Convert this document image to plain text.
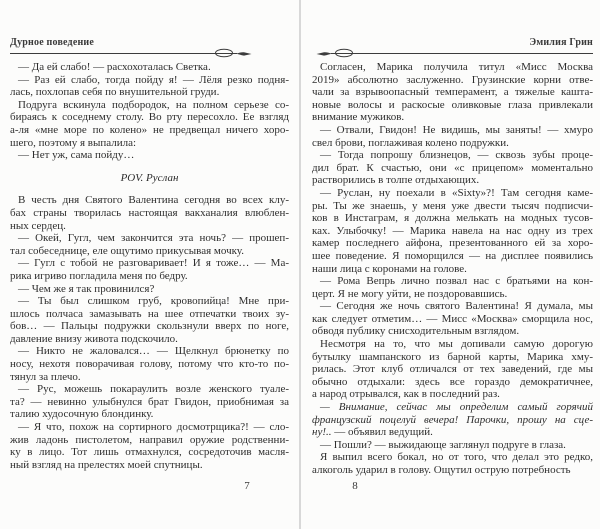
Дурное поведение
— Да ей слабо! — расхохоталась Светка.
— Раз ей слабо, тогда пойду я! — Лёля резко подня-
лась, похлопав себя по внушительной груди.
Подруга вскинула подбородок, на полном серьезе со-
бираясь к соседнему столу. Во рту пересохло. Ее взгляд
а-ля «мне море по колено» не предвещал ничего хоро-
шего, поэтому я выпалила:
— Нет уж, сама пойду…
POV. Руслан
В честь дня Святого Валентина сегодня во всех клу-
бах страны творилась настоящая вакханалия влюблен-
ных сердец.
— Окей, Гугл, чем закончится эта ночь? — прошеп-
тал собеседнице, еле ощутимо прикусывая мочку.
— Гугл с тобой не разговаривает! И я тоже… — Ма-
рика игриво погладила меня по бедру.
— Чем же я так провинился?
— Ты был слишком груб, кровопийца! Мне при-
шлось полчаса замазывать на шее отпечатки твоих зу-
бов… — Пальцы подружки скользнули вверх по ноге,
давление внизу живота подскочило.
— Никто не жаловался… — Щелкнул брюнетку по
носу, нехотя поворачивая голову, потому что кто-то по-
тянул за плечо.
— Рус, можешь покараулить возле женского туале-
та? — невинно улыбнулся брат Гвидон, приобнимая за
талию худосочную блондинку.
— Я что, похож на сортирного досмотрщика?! — сло-
жив ладонь пистолетом, направил оружие родственни-
ку в лицо. Тот лишь отмахнулся, сосредоточив масля-
ный взгляд на прелестях моей спутницы.
7
Эмилия Грин
Согласен, Марика получила титул «Мисс Москва
2019» абсолютно заслуженно. Грузинские корни отве-
чали за взрывоопасный темперамент, а тяжелые кашта-
новые волосы и раскосые оливковые глаза привлекали
внимание мужиков.
— Отвали, Гвидон! Не видишь, мы заняты! — хмуро
свел брови, поглаживая колено подружки.
— Тогда попрошу близнецов, — сквозь зубы проце-
дил брат. К счастью, они «с прицепом» моментально
растворились в толпе отдыхающих.
— Руслан, ну поехали в «Sixty»?! Там сегодня каме-
ры. Ты же знаешь, у меня уже двести тысяч подписчи-
ков в Инстаграм, я должна мелькать на модных тусов-
ках. Улыбочку! — Марика навела на нас одну из трех
камер последнего айфона, презентованного ей за хоро-
шее поведение. Я поморщился — на дисплее появились
наши лица с коронами на голове.
— Рома Вепрь лично позвал нас с братьями на кон-
церт. Я не могу уйти, не поздоровавшись.
— Сегодня же ночь святого Валентина! Я думала, мы
как следует отметим… — Мисс «Москва» сморщила нос,
обводя публику снисходительным взглядом.
Несмотря на то, что мы допивали самую дорогую
бутылку шампанского из барной карты, Марика хму-
рилась. Этот клуб отличался от тех заведений, где мы
обычно отдыхали: здесь все гораздо демократичнее,
а народ отрывался, как в последний раз.
— Внимание, сейчас мы определим самый горячий
французский поцелуй вечера! Парочки, прошу на сце-
ну!.. — объявил ведущий.
— Пошли? — выжидающе заглянул подруге в глаза.
Я выпил всего бокал, но от того, что делал это редко,
алкоголь ударил в голову. Ощутил острую потребность
8
